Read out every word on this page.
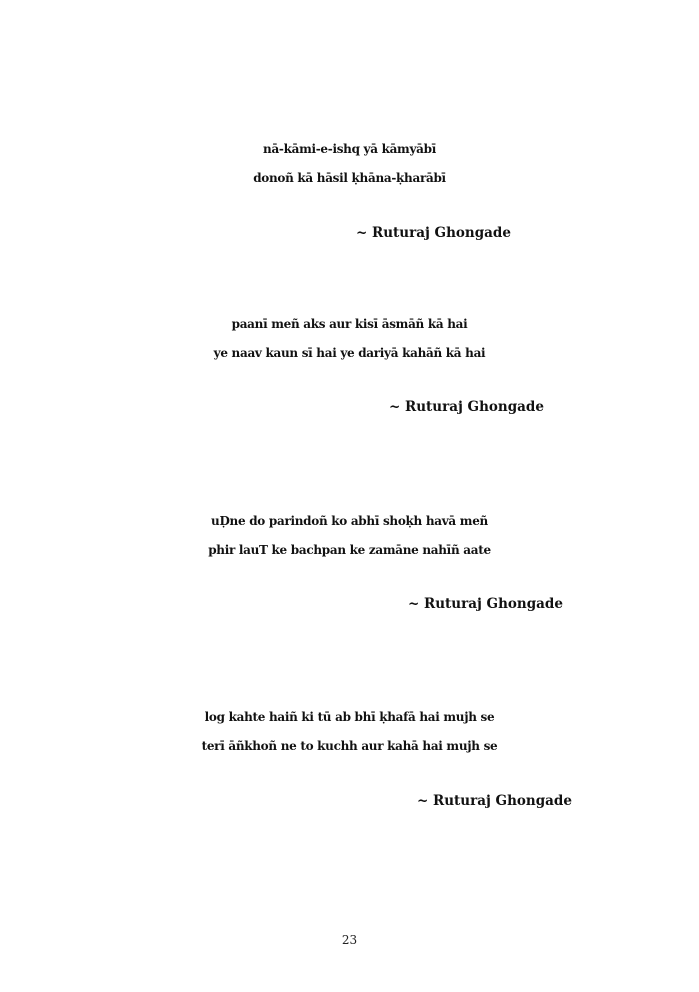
nā-kāmi-e-ishq yā kāmyābī
donoñ kā hāsil ḳhāna-ḳharābī
~ Ruturaj Ghongade
paanī meñ aks aur kisī āsmāñ kā hai
ye naav kaun sī hai ye dariyā kahāñ kā hai
~ Ruturaj Ghongade
uḌne do parindoñ ko abhī shoḳh havā meñ
phir lauT ke bachpan ke zamāne nahīñ aate
~ Ruturaj Ghongade
log kahte haiñ ki tū ab bhī ḳhafā hai mujh se
terī āñkhoñ ne to kuchh aur kahā hai mujh se
~ Ruturaj Ghongade
23
